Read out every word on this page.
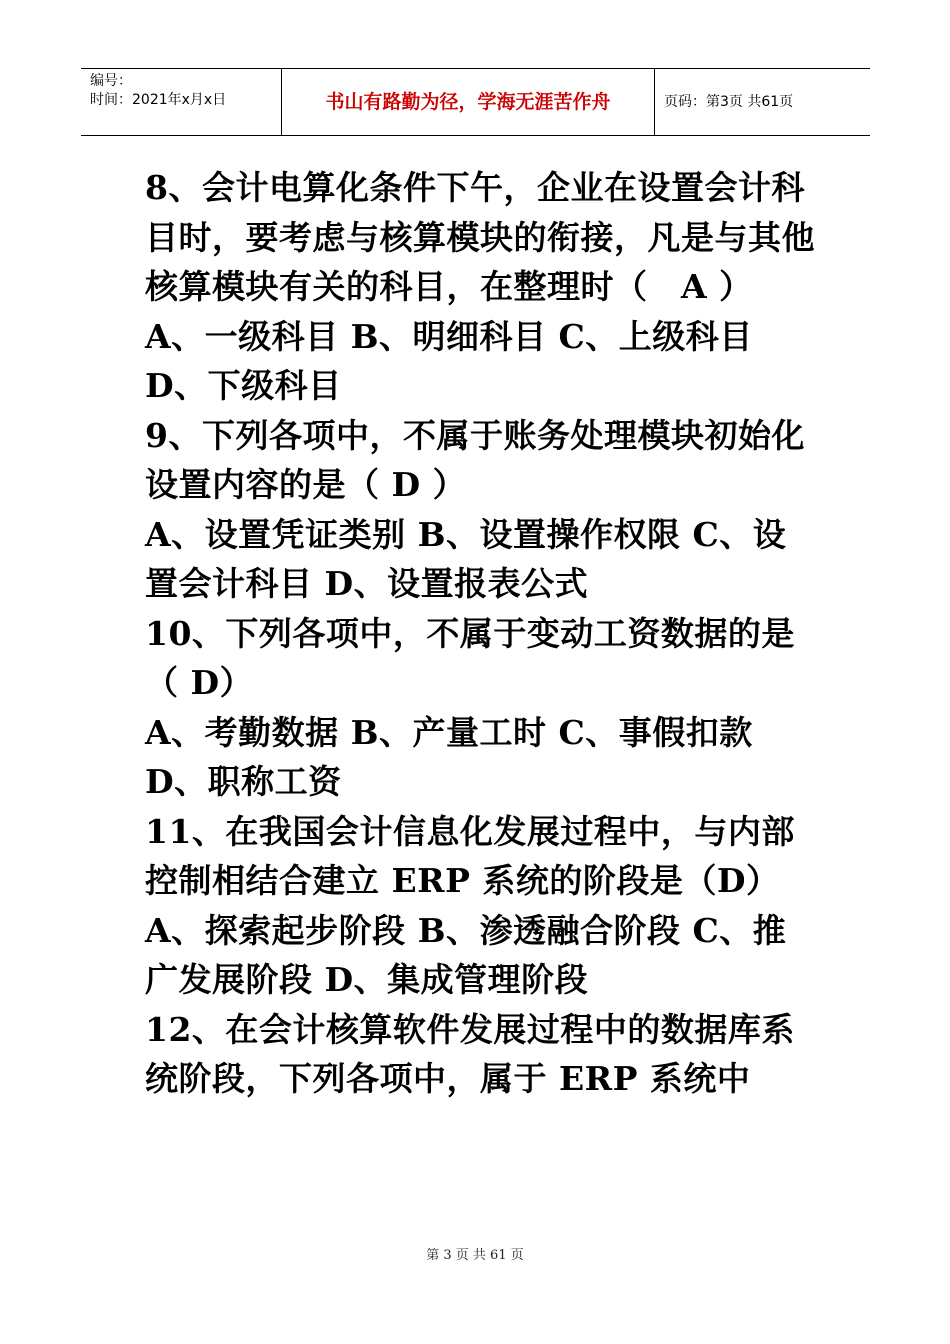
编号：
时间：2021年x月x日	书山有路勤为径，学海无涯苦作舟	页码：第3页 共61页

8、会计电算化条件下午，企业在设置会计科目时，要考虑与核算模块的衔接，凡是与其他核算模块有关的科目，在整理时（　A ）

A、一级科目 B、明细科目 C、上级科目 D、下级科目

9、下列各项中，不属于账务处理模块初始化设置内容的是（ D ）

A、设置凭证类别 B、设置操作权限 C、设置会计科目 D、设置报表公式

10、下列各项中，不属于变动工资数据的是（ D）

A、考勤数据 B、产量工时 C、事假扣款 D、职称工资

11、在我国会计信息化发展过程中，与内部控制相结合建立 ERP 系统的阶段是（D）

A、探索起步阶段 B、渗透融合阶段 C、推广发展阶段 D、集成管理阶段

12、在会计核算软件发展过程中的数据库系统阶段，下列各项中，属于 ERP 系统中

第 3 页 共 61 页
